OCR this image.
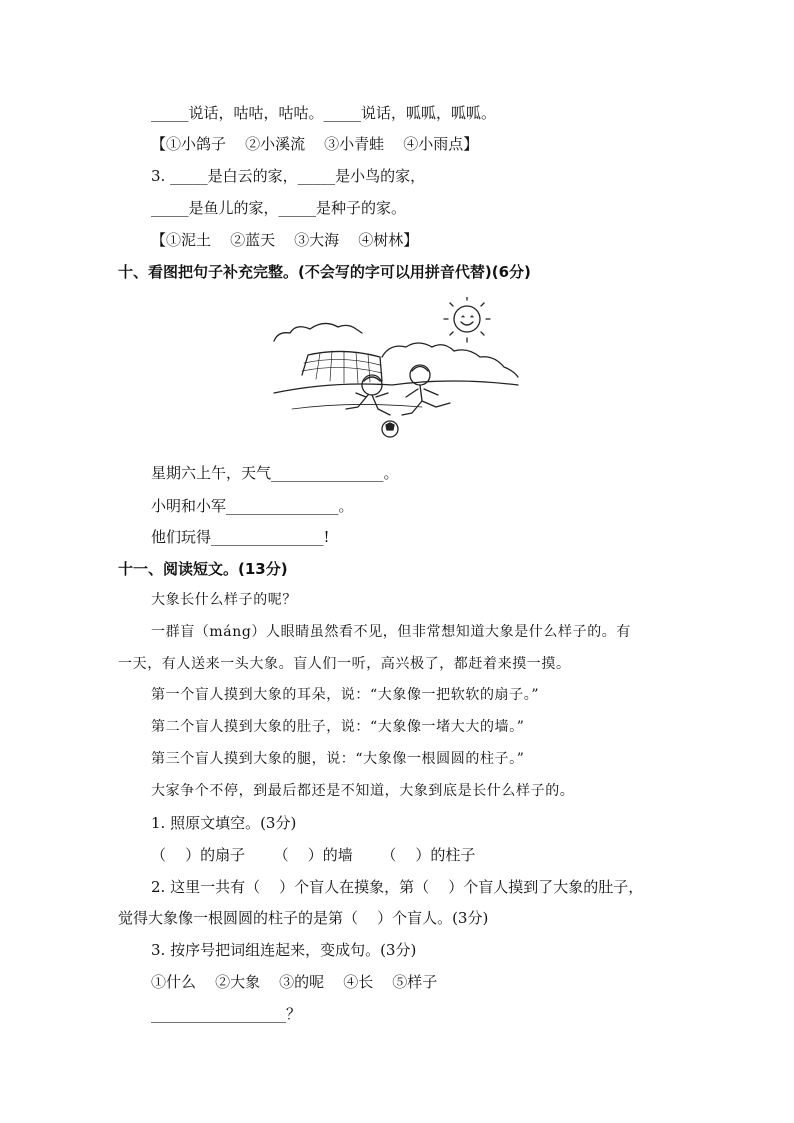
_____说话，咕咕，咕咕。_____说话，呱呱，呱呱。
【①小鸽子    ②小溪流    ③小青蛙    ④小雨点】
3. _____是白云的家，_____是小鸟的家，
_____是鱼儿的家，_____是种子的家。
【①泥土    ②蓝天    ③大海    ④树林】
十、看图把句子补充完整。(不会写的字可以用拼音代替)(6分)
星期六上午，天气_______________。
小明和小军_______________。
他们玩得_______________!
十一、阅读短文。(13分)
大象长什么样子的呢？
一群盲（máng）人眼睛虽然看不见，但非常想知道大象是什么样子的。有
一天，有人送来一头大象。盲人们一听，高兴极了，都赶着来摸一摸。
第一个盲人摸到大象的耳朵，说：“大象像一把软软的扇子。”
第二个盲人摸到大象的肚子，说：“大象像一堵大大的墙。”
第三个盲人摸到大象的腿，说：“大象像一根圆圆的柱子。”
大家争个不停，到最后都还是不知道，大象到底是长什么样子的。
1. 照原文填空。(3分)
（    ）的扇子      （    ）的墙      （    ）的柱子
2. 这里一共有（    ）个盲人在摸象，第（    ）个盲人摸到了大象的肚子，
觉得大象像一根圆圆的柱子的是第（    ）个盲人。(3分)
3. 按序号把词组连起来，变成句。(3分)
①什么    ②大象    ③的呢    ④长    ⑤样子
__________________？
